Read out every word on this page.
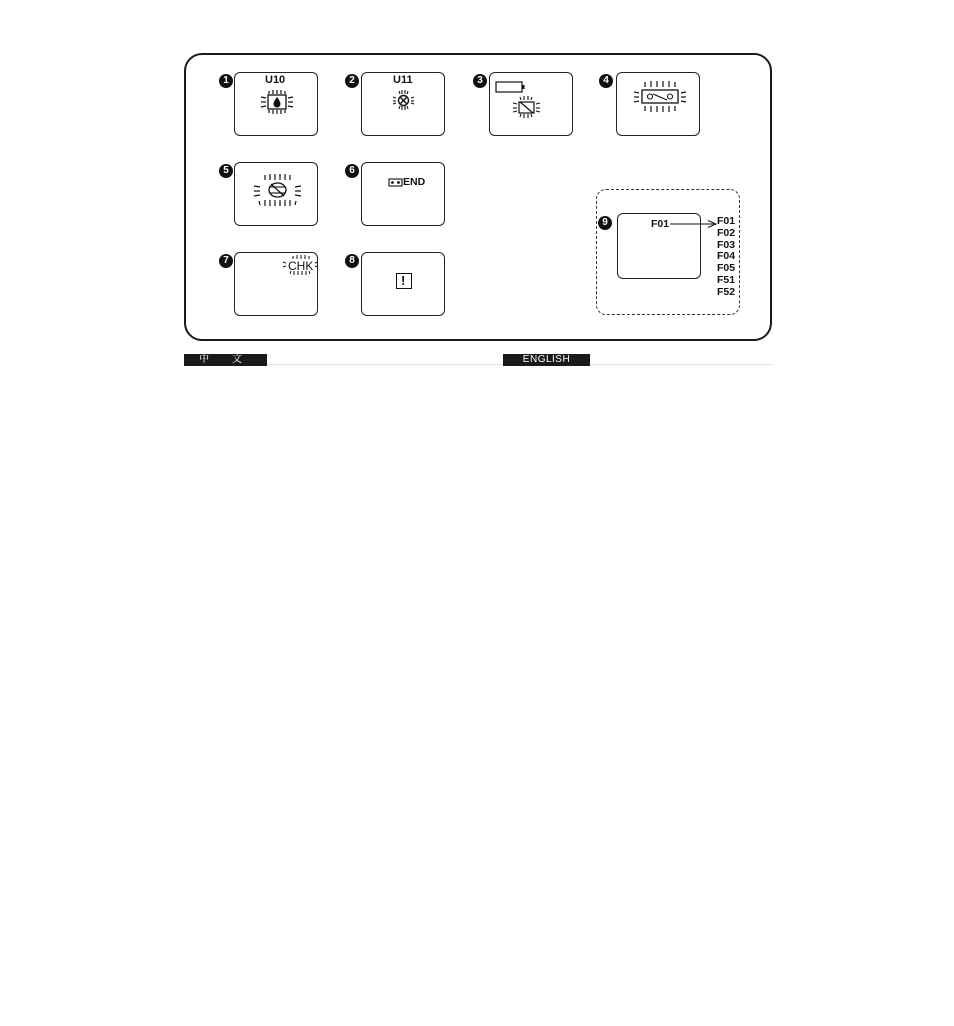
1	2	3	4
5	6
7	8
9
U10	U11
END
CHK
!
F01	F01
F02
F03
F04
F05
F51
F52
中 文	ENGLISH
